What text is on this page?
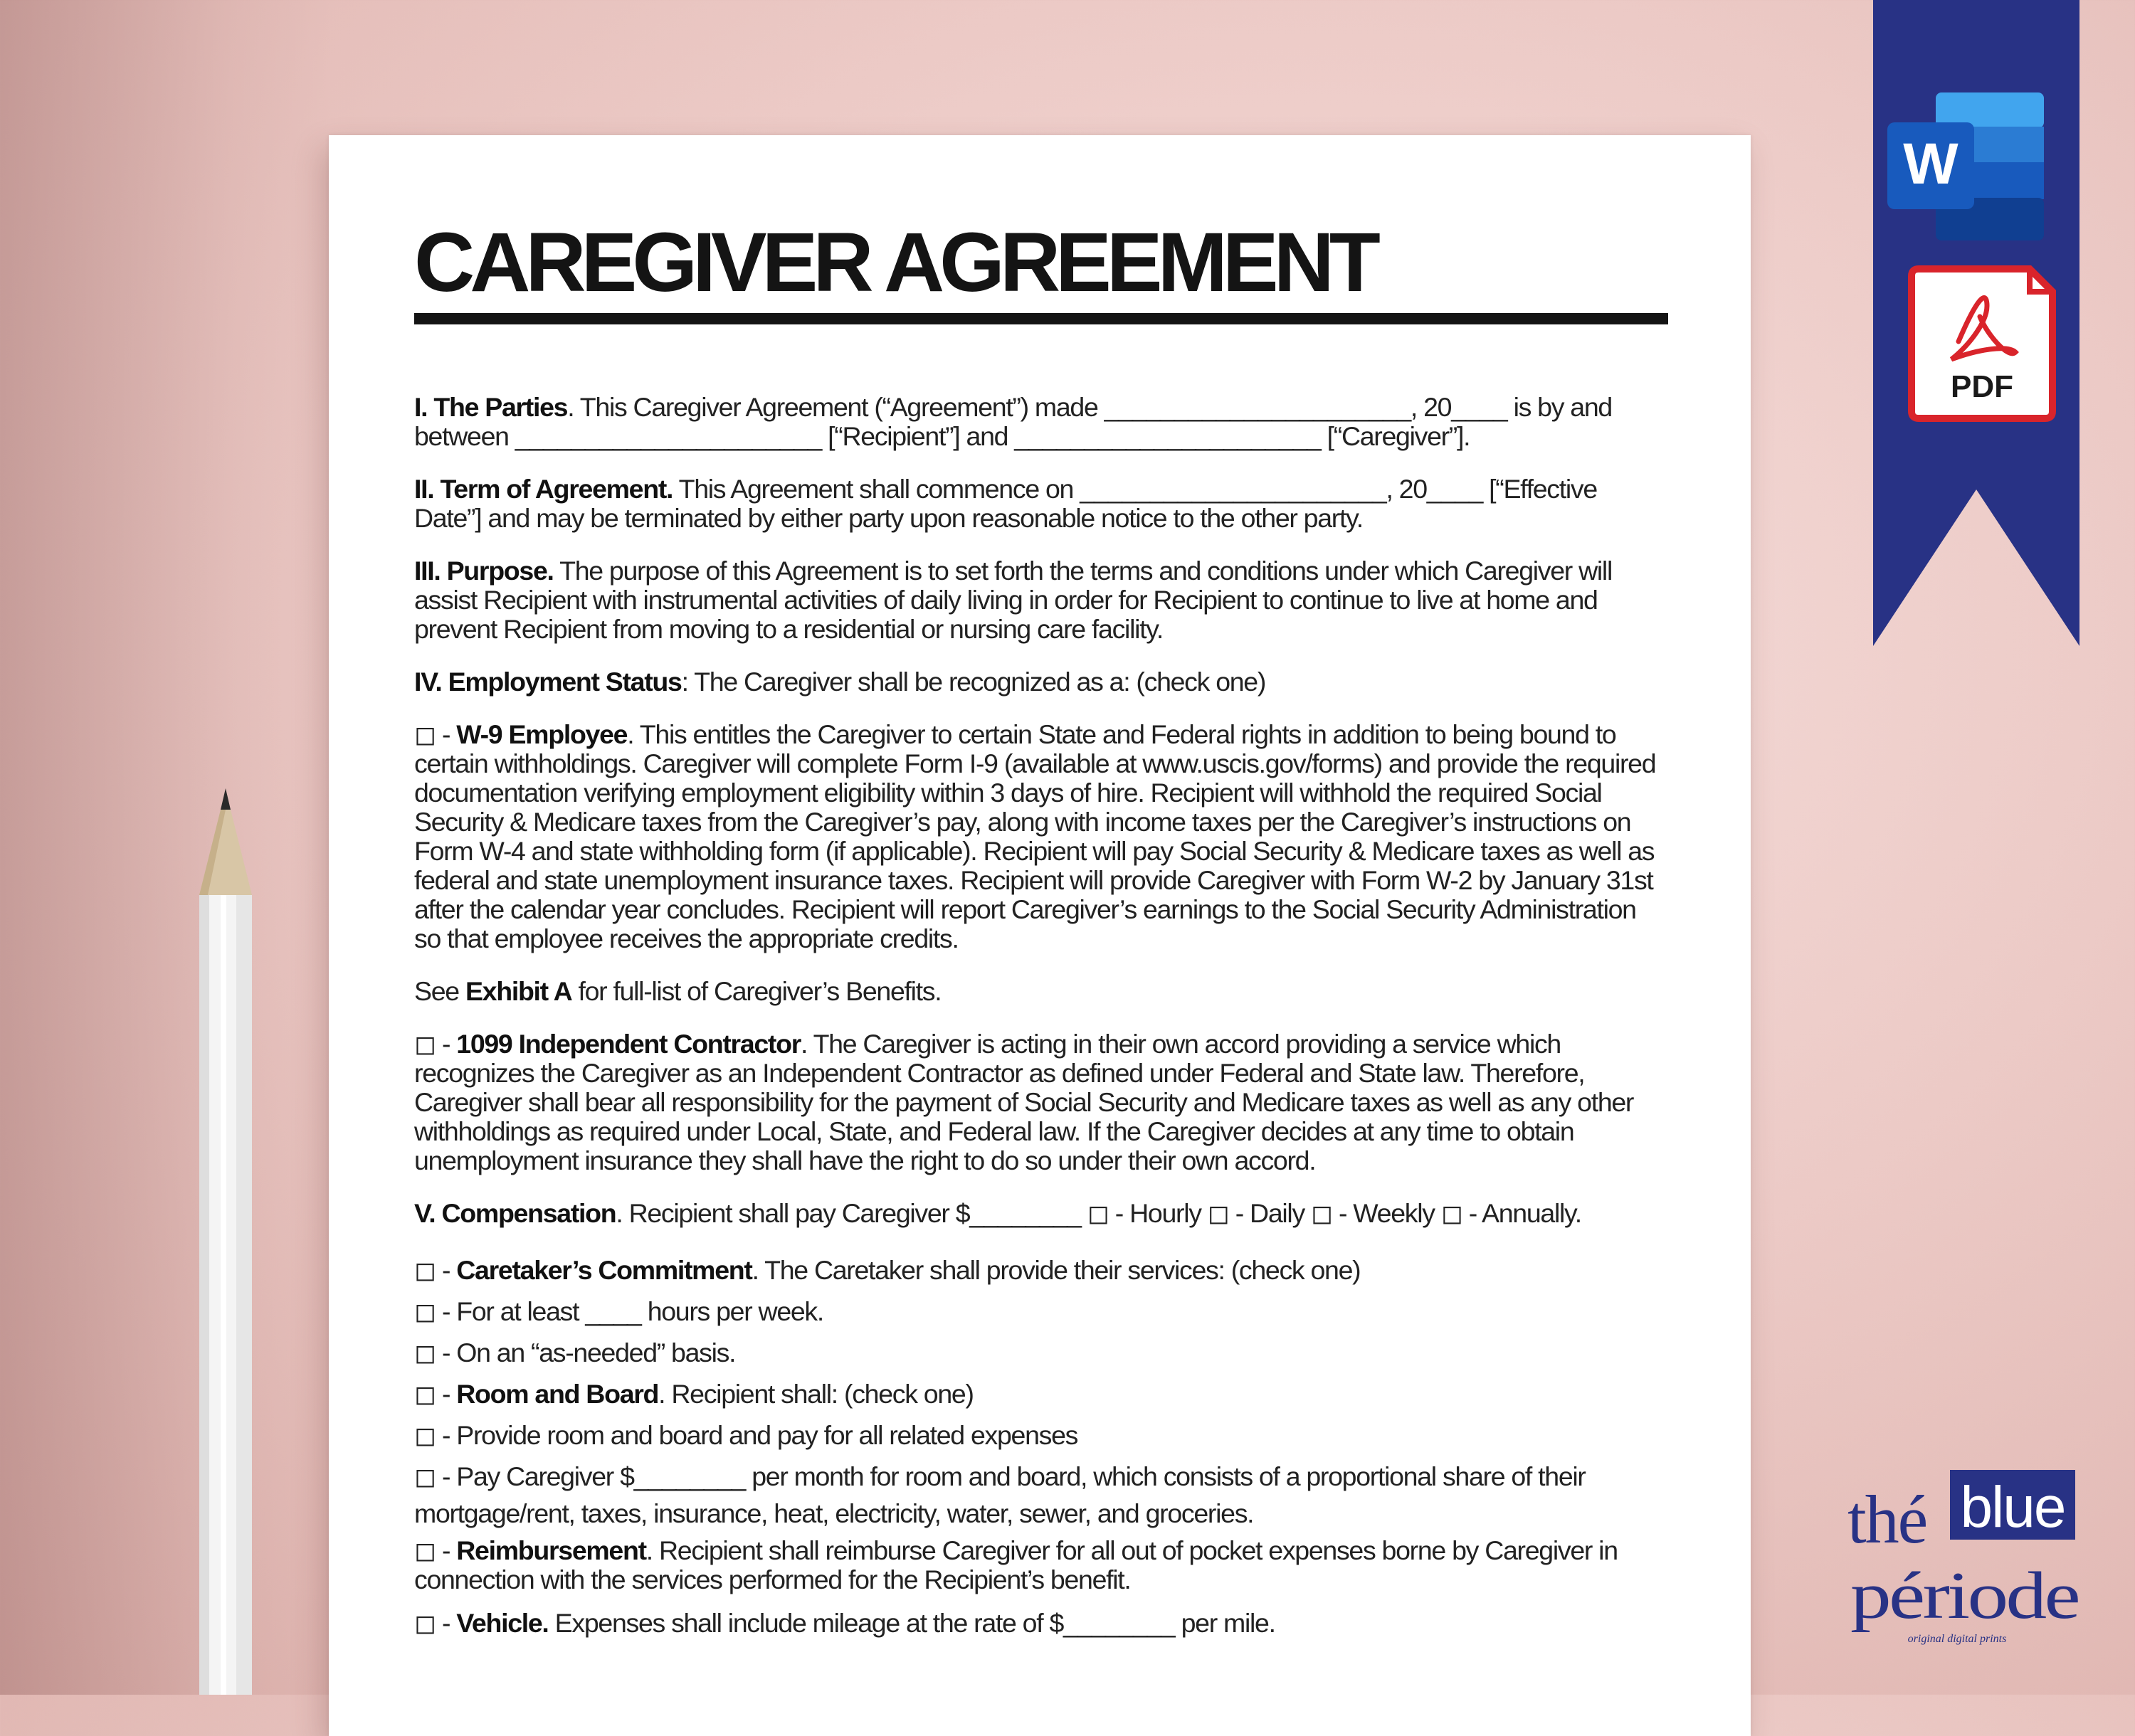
CAREGIVER AGREEMENT

I. The Parties. This Caregiver Agreement (“Agreement”) made ______________________, 20____ is by and between ______________________ [“Recipient”] and ______________________ [“Caregiver”].

II. Term of Agreement. This Agreement shall commence on ______________________, 20____ [“Effective Date”] and may be terminated by either party upon reasonable notice to the other party.

III. Purpose. The purpose of this Agreement is to set forth the terms and conditions under which Caregiver will assist Recipient with instrumental activities of daily living in order for Recipient to continue to live at home and prevent Recipient from moving to a residential or nursing care facility.

IV. Employment Status: The Caregiver shall be recognized as a: (check one)

◻ - W-9 Employee. This entitles the Caregiver to certain State and Federal rights in addition to being bound to certain withholdings. Caregiver will complete Form I-9 (available at www.uscis.gov/forms) and provide the required documentation verifying employment eligibility within 3 days of hire. Recipient will withhold the required Social Security & Medicare taxes from the Caregiver’s pay, along with income taxes per the Caregiver’s instructions on Form W-4 and state withholding form (if applicable). Recipient will pay Social Security & Medicare taxes as well as federal and state unemployment insurance taxes. Recipient will provide Caregiver with Form W-2 by January 31st after the calendar year concludes. Recipient will report Caregiver’s earnings to the Social Security Administration so that employee receives the appropriate credits.

See Exhibit A for full-list of Caregiver’s Benefits.

◻ - 1099 Independent Contractor. The Caregiver is acting in their own accord providing a service which recognizes the Caregiver as an Independent Contractor as defined under Federal and State law. Therefore, Caregiver shall bear all responsibility for the payment of Social Security and Medicare taxes as well as any other withholdings as required under Local, State, and Federal law. If the Caregiver decides at any time to obtain unemployment insurance they shall have the right to do so under their own accord.

V. Compensation. Recipient shall pay Caregiver $________ ◻ - Hourly ◻ - Daily ◻ - Weekly ◻ - Annually.

◻ - Caretaker’s Commitment. The Caretaker shall provide their services: (check one)

◻ - For at least ____ hours per week.

◻ - On an “as-needed” basis.

◻ - Room and Board. Recipient shall: (check one)

◻ - Provide room and board and pay for all related expenses

◻ - Pay Caregiver $________ per month for room and board, which consists of a proportional share of their mortgage/rent, taxes, insurance, heat, electricity, water, sewer, and groceries.

◻ - Reimbursement. Recipient shall reimburse Caregiver for all out of pocket expenses borne by Caregiver in connection with the services performed for the Recipient’s benefit.

◻ - Vehicle. Expenses shall include mileage at the rate of $________ per mile.

W
PDF
thé blue
période
original digital prints
